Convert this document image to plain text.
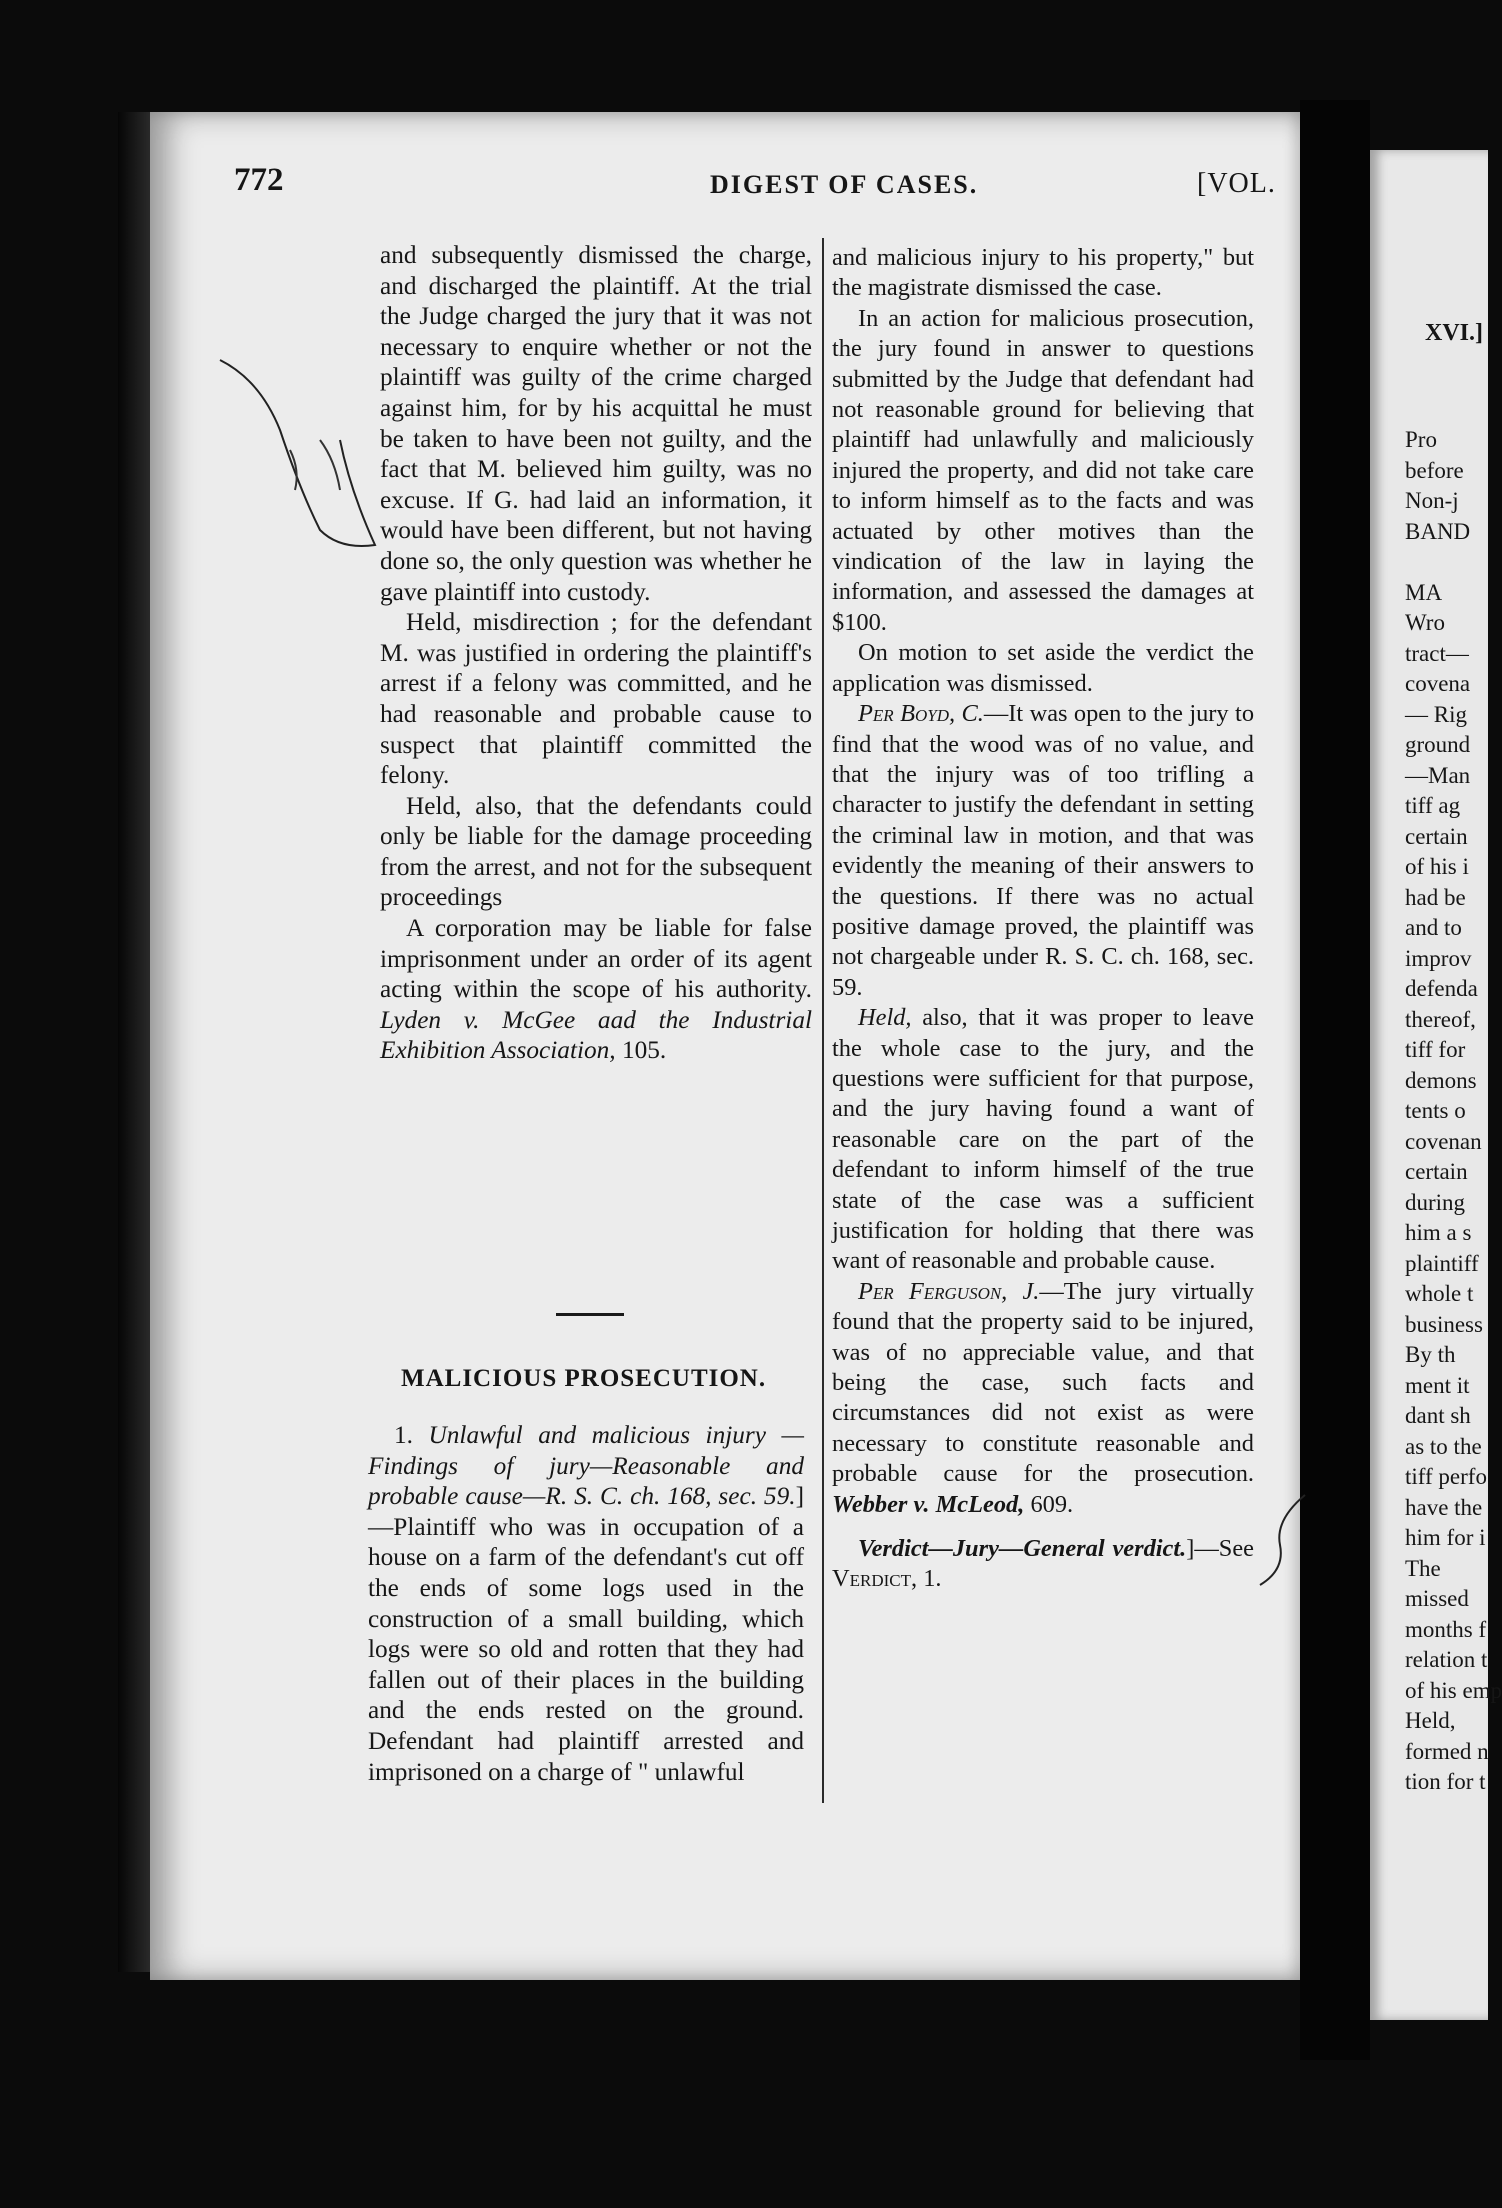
772	DIGEST OF CASES.	[VOL.

and subsequently dismissed the charge, and discharged the plaintiff. At the trial the Judge charged the jury that it was not necessary to enquire whether or not the plaintiff was guilty of the crime charged against him, for by his acquittal he must be taken to have been not guilty, and the fact that M. believed him guilty, was no excuse. If G. had laid an information, it would have been different, but not having done so, the only question was whether he gave plaintiff into custody.

Held, misdirection ; for the defendant M. was justified in ordering the plaintiff's arrest if a felony was committed, and he had reasonable and probable cause to suspect that plaintiff committed the felony.

Held, also, that the defendants could only be liable for the damage proceeding from the arrest, and not for the subsequent proceedings

A corporation may be liable for false imprisonment under an order of its agent acting within the scope of his authority. Lyden v. McGee aad the Industrial Exhibition Association, 105.

MALICIOUS PROSECUTION.

1. Unlawful and malicious injury —Findings of jury—Reasonable and probable cause—R. S. C. ch. 168, sec. 59.]—Plaintiff who was in occupation of a house on a farm of the defendant's cut off the ends of some logs used in the construction of a small building, which logs were so old and rotten that they had fallen out of their places in the building and the ends rested on the ground. Defendant had plaintiff arrested and imprisoned on a charge of " unlawful

and malicious injury to his property," but the magistrate dismissed the case.

In an action for malicious prosecution, the jury found in answer to questions submitted by the Judge that defendant had not reasonable ground for believing that plaintiff had unlawfully and maliciously injured the property, and did not take care to inform himself as to the facts and was actuated by other motives than the vindication of the law in laying the information, and assessed the damages at $100.

On motion to set aside the verdict the application was dismissed.

Per Boyd, C.—It was open to the jury to find that the wood was of no value, and that the injury was of too trifling a character to justify the defendant in setting the criminal law in motion, and that was evidently the meaning of their answers to the questions. If there was no actual positive damage proved, the plaintiff was not chargeable under R. S. C. ch. 168, sec. 59.

Held, also, that it was proper to leave the whole case to the jury, and the questions were sufficient for that purpose, and the jury having found a want of reasonable care on the part of the defendant to inform himself of the true state of the case was a sufficient justification for holding that there was want of reasonable and probable cause.

Per Ferguson, J.—The jury virtually found that the property said to be injured, was of no appreciable value, and that being the case, such facts and circumstances did not exist as were necessary to constitute reasonable and probable cause for the prosecution. Webber v. McLeod, 609.

Verdict—Jury—General verdict.]—See Verdict, 1.

XVI.]
Pro
before
Non-j
BAND
MA
Wro
tract—
covena
— Rig
ground
—Man
tiff ag
certain
of his i
had be
and to
improv
defenda
thereof,
tiff for
demons
tents o
covenan
certain
during
him a s
plaintiff
whole t
business
By th
ment it
dant sh
as to the
tiff perfo
have the
him for i
The
missed
months f
relation t
of his emp
Held,
formed n
tion for t
